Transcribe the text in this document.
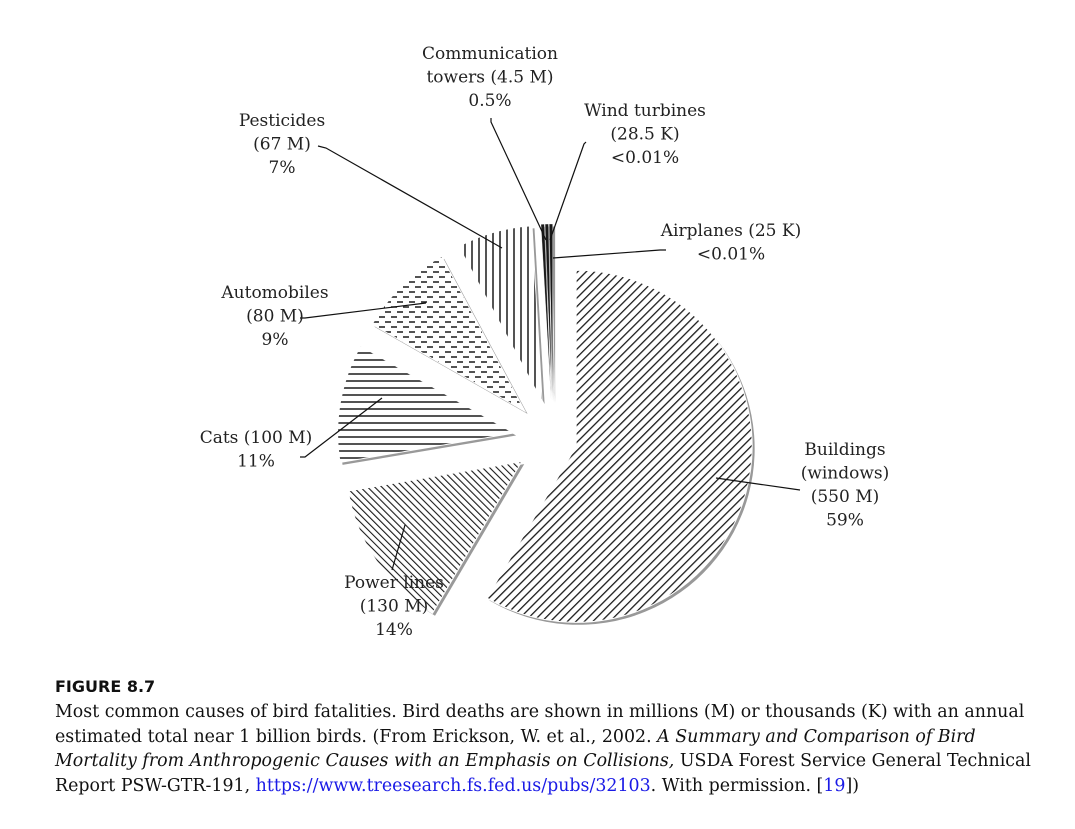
Buildings (windows) (550 M) 59%
Power lines (130 M) 14%
Cats (100 M) 11%
Automobiles (80 M) 9%
Pesticides (67 M) 7%
Communication towers (4.5 M) 0.5%	Wind turbines (28.5 K) <0.01%
Airplanes (25 K) <0.01%
FIGURE 8.7

Most common causes of bird fatalities. Bird deaths are shown in millions (M) or thousands (K) with an annual estimated total near 1 billion birds. (From Erickson, W. et al., 2002. A Summary and Comparison of Bird Mortality from Anthropogenic Causes with an Emphasis on Collisions, USDA Forest Service General Technical Report PSW-GTR-191, https://www.treesearch.fs.fed.us/pubs/32103. With permission. [19])
